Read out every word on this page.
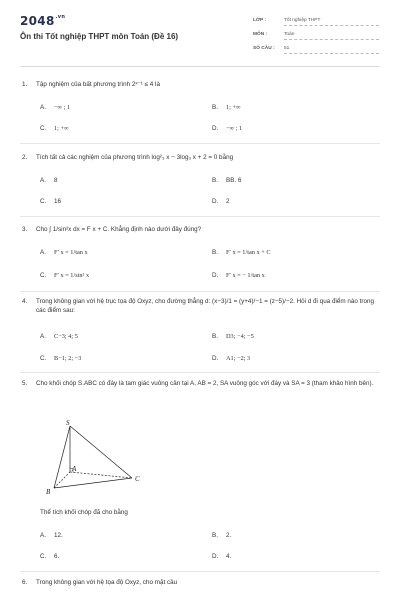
$2048^{.vn}$
Ôn thi Tốt nghiệp THPT môn Toán (Đề 16)
LỚP :	Tốt nghiệp THPT
MÔN :	Toán
SỐ CÂU :	51
1. Tập nghiệm của bất phương trình 2ˣ⁻¹ ≤ 4 là
A. −∞ ; 1	B. 1; +∞
C. 1; +∞	D. −∞ ; 1
2. Tích tất cả các nghiệm của phương trình log²₃ x − 3log₃ x + 2 = 0 bằng
A. 8	B. BB. 6
C. 16	D. 2
3. Cho ∫ 1/sin²x dx = F x + C. Khẳng định nào dưới đây đúng?
A. F′ x = 1/tan x	B. F′ x = 1/tan x + C
C. F′ x = 1/sin² x	D. F′ x = − 1/tan x
4. Trong không gian với hệ trục tọa độ Oxyz, cho đường thẳng d: (x−3)/1 = (y+4)/−1 = (z−5)/−2. Hỏi d đi qua điểm nào trong các điểm sau:
A. C−3; 4; 5	B. D3; −4; −5
C. B−1; 2; −3	D. A1; −2; 3
5. Cho khối chóp S.ABC có đáy là tam giác vuông cân tại A, AB = 2, SA vuông góc với đáy và SA = 3 (tham khảo hình bên).
S
A
B
C
Thể tích khối chóp đã cho bằng
A. 12.	B. 2.
C. 6.	D. 4.
6. Trong không gian với hệ tọa độ Oxyz, cho mặt cầu
